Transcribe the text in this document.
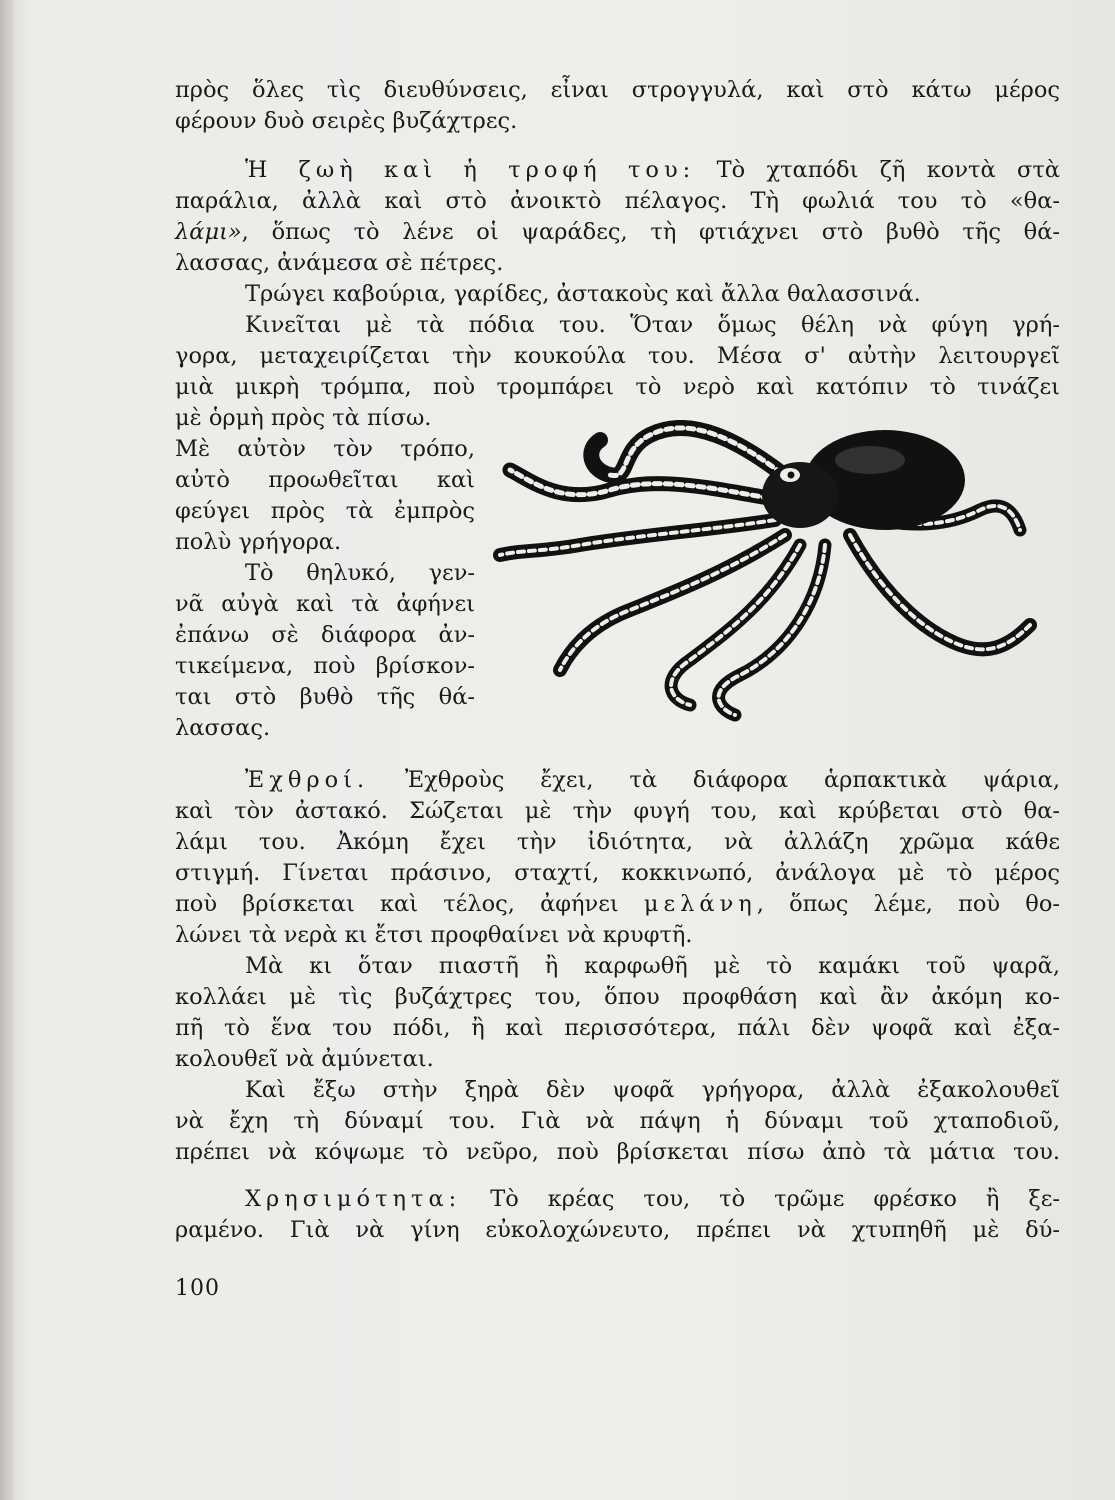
πρὸς ὅλες τὶς διευθύνσεις, εἶναι στρογγυλά, καὶ στὸ κάτω μέρος
φέρουν δυὸ σειρὲς βυζάχτρες.
Ἡ ζωὴ καὶ ἡ τροφή του: Τὸ χταπόδι ζῆ κοντὰ στὰ
παράλια, ἀλλὰ καὶ στὸ ἀνοικτὸ πέλαγος. Τὴ φωλιά του τὸ «θα-
λάμι», ὅπως τὸ λένε οἱ ψαράδες, τὴ φτιάχνει στὸ βυθὸ τῆς θά-
λασσας, ἀνάμεσα σὲ πέτρες.
Τρώγει καβούρια, γαρίδες, ἀστακοὺς καὶ ἄλλα θαλασσινά.
Κινεῖται μὲ τὰ πόδια του. Ὅταν ὅμως θέλη νὰ φύγη γρή-
γορα, μεταχειρίζεται τὴν κουκούλα του. Μέσα σ' αὐτὴν λειτουργεῖ
μιὰ μικρὴ τρόμπα, ποὺ τρομπάρει τὸ νερὸ καὶ κατόπιν τὸ τινάζει
μὲ ὁρμὴ πρὸς τὰ πίσω.
Μὲ αὐτὸν τὸν τρόπο,
αὐτὸ προωθεῖται καὶ
φεύγει πρὸς τὰ ἐμπρὸς
πολὺ γρήγορα.
Τὸ θηλυκό, γεν-
νᾶ αὐγὰ καὶ τὰ ἀφήνει
ἐπάνω σὲ διάφορα ἀν-
τικείμενα, ποὺ βρίσκον-
ται στὸ βυθὸ τῆς θά-
λασσας.
Ἐχθροί. Ἐχθροὺς ἔχει, τὰ διάφορα ἁρπακτικὰ ψάρια,
καὶ τὸν ἀστακό. Σώζεται μὲ τὴν φυγή του, καὶ κρύβεται στὸ θα-
λάμι του. Ἀκόμη ἔχει τὴν ἰδιότητα, νὰ ἀλλάζη χρῶμα κάθε
στιγμή. Γίνεται πράσινο, σταχτί, κοκκινωπό, ἀνάλογα μὲ τὸ μέρος
ποὺ βρίσκεται καὶ τέλος, ἀφήνει μελάνη, ὅπως λέμε, ποὺ θο-
λώνει τὰ νερὰ κι ἔτσι προφθαίνει νὰ κρυφτῆ.
Μὰ κι ὅταν πιαστῆ ἢ καρφωθῆ μὲ τὸ καμάκι τοῦ ψαρᾶ,
κολλάει μὲ τὶς βυζάχτρες του, ὅπου προφθάση καὶ ἂν ἀκόμη κο-
πῆ τὸ ἕνα του πόδι, ἢ καὶ περισσότερα, πάλι δὲν ψοφᾶ καὶ ἐξα-
κολουθεῖ νὰ ἀμύνεται.
Καὶ ἔξω στὴν ξηρὰ δὲν ψοφᾶ γρήγορα, ἀλλὰ ἐξακολουθεῖ
νὰ ἔχη τὴ δύναμί του. Γιὰ νὰ πάψη ἡ δύναμι τοῦ χταποδιοῦ,
πρέπει νὰ κόψωμε τὸ νεῦρο, ποὺ βρίσκεται πίσω ἀπὸ τὰ μάτια του.
Χρησιμότητα: Τὸ κρέας του, τὸ τρῶμε φρέσκο ἢ ξε-
ραμένο. Γιὰ νὰ γίνη εὐκολοχώνευτο, πρέπει νὰ χτυπηθῆ μὲ δύ-
100
